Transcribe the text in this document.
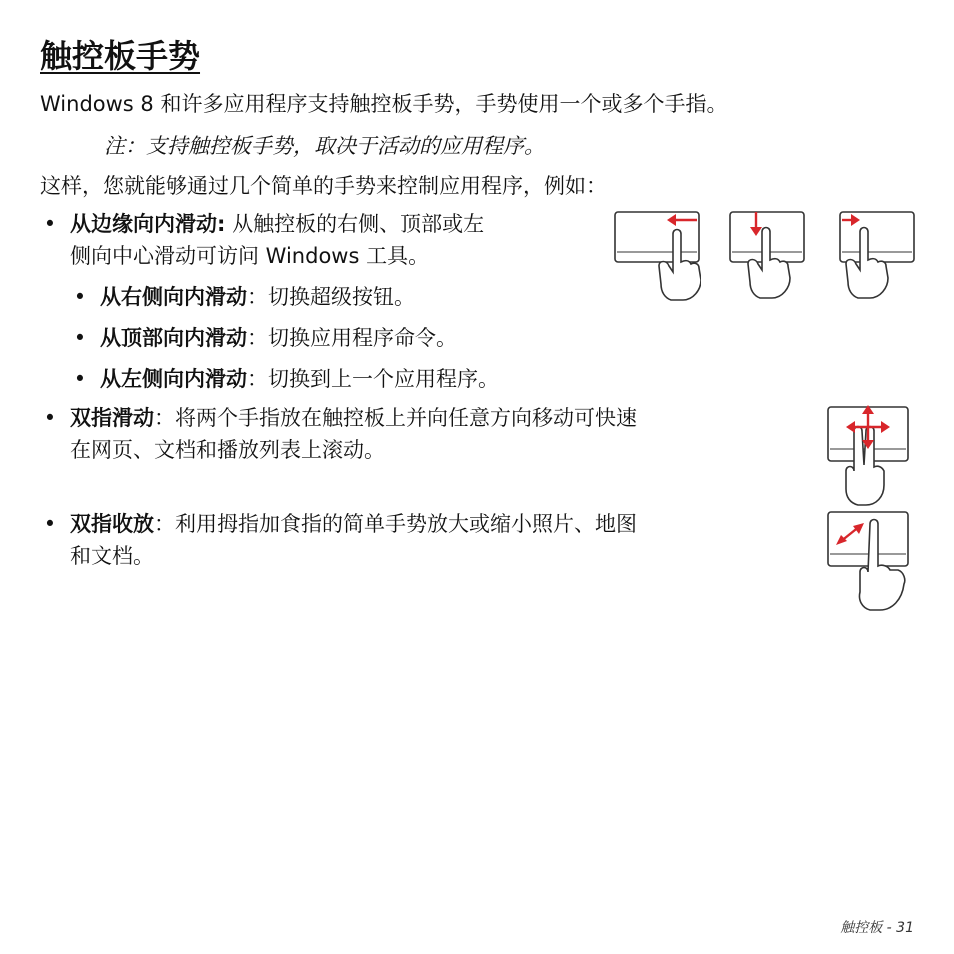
触控板手势

Windows 8 和许多应用程序支持触控板手势，手势使用一个或多个手指。

注：支持触控板手势，取决于活动的应用程序。

这样，您就能够通过几个简单的手势来控制应用程序，例如：

• 从边缘向内滑动: 从触控板的右侧、顶部或左
侧向中心滑动可访问 Windows 工具。
• 从右侧向内滑动：切换超级按钮。
• 从顶部向内滑动：切换应用程序命令。
• 从左侧向内滑动：切换到上一个应用程序。
• 双指滑动：将两个手指放在触控板上并向任意方向移动可快速
在网页、文档和播放列表上滚动。
• 双指收放：利用拇指加食指的简单手势放大或缩小照片、地图
和文档。
触控板 - 31
